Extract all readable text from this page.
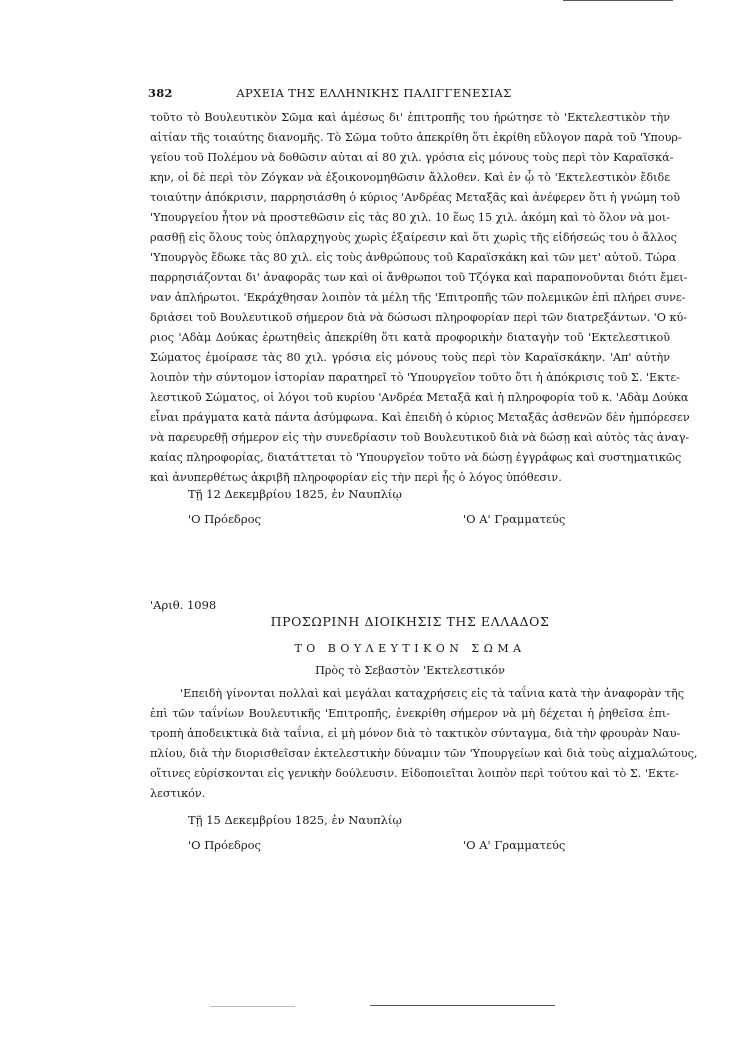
382	ΑΡΧΕΙΑ ΤΗΣ ΕΛΛΗΝΙΚΗΣ ΠΑΛΙΓΓΕΝΕΣΙΑΣ
τοῦτο τὸ Βουλευτικὸν Σῶμα καὶ ἀμέσως δι' ἐπιτροπῆς του ἠρώτησε τὸ 'Εκτελεστικὸν τὴν
αἰτίαν τῆς τοιαύτης διανομῆς. Τὸ Σῶμα τοῦτο ἀπεκρίθη ὅτι ἐκρίθη εὔλογον παρὰ τοῦ 'Υπουρ-
γείου τοῦ Πολέμου νὰ δοθῶσιν αὐται αἱ 80 χιλ. γρόσια εἰς μόνους τοὺς περὶ τὸν Καραϊσκά-
κην, οἱ δὲ περὶ τὸν Ζόγκαν νὰ ἐξοικονομηθῶσιν ἄλλοθεν. Καὶ ἐν ᾧ τὸ 'Εκτελεστικὸν ἔδιδε
τοιαύτην ἀπόκρισιν, παρρησιάσθη ὁ κύριος 'Ανδρέας Μεταξᾶς καὶ ἀνέφερεν ὅτι ἡ γνώμη τοῦ
'Υπουργείου ἦτον νὰ προστεθῶσιν εἰς τὰς 80 χιλ. 10 ἕως 15 χιλ. ἀκόμη καὶ τὸ ὅλον νὰ μοι-
ρασθῇ εἰς ὅλους τοὺς ὁπλαρχηγοὺς χωρὶς ἐξαίρεσιν καὶ ὅτι χωρὶς τῆς εἰδήσεώς του ὁ ἄλλος
'Υπουργὸς ἔδωκε τὰς 80 χιλ. εἰς τοὺς ἀνθρώπους τοῦ Καραϊσκάκη καὶ τῶν μετ' αὐτοῦ. Τώρα
παρρησιάζονται δι' ἀναφορᾶς των καὶ οἱ ἄνθρωποι τοῦ Τζόγκα καὶ παραπονοῦνται διότι ἔμει-
ναν ἀπλήρωτοι. 'Εκράχθησαν λοιπὸν τὰ μέλη τῆς 'Επιτροπῆς τῶν πολεμικῶν ἐπὶ πλήρει συνε-
δριάσει τοῦ Βουλευτικοῦ σήμερον διὰ νὰ δώσωσι πληροφορίαν περὶ τῶν διατρεξάντων. 'Ο κύ-
ριος 'Αδὰμ Δούκας ἐρωτηθεὶς ἀπεκρίθη ὅτι κατὰ προφορικὴν διαταγὴν τοῦ 'Εκτελεστικοῦ
Σώματος ἐμοίρασε τὰς 80 χιλ. γρόσια εἰς μόνους τοὺς περὶ τὸν Καραϊσκάκην. 'Απ' αὐτὴν
λοιπὸν τὴν σύντομον ἱστορίαν παρατηρεῖ τὸ 'Υπουργεῖον τοῦτο ὅτι ἡ ἀπόκρισις τοῦ Σ. 'Εκτε-
λεστικοῦ Σώματος, οἱ λόγοι τοῦ κυρίου 'Ανδρέα Μεταξᾶ καὶ ἡ πληροφορία τοῦ κ. 'Αδὰμ Δούκα
εἶναι πράγματα κατὰ πάντα ἀσύμφωνα. Καὶ ἐπειδὴ ὁ κύριος Μεταξᾶς ἀσθενῶν δὲν ἠμπόρεσεν
νὰ παρευρεθῇ σήμερον εἰς τὴν συνεδρίασιν τοῦ Βουλευτικοῦ διὰ νὰ δώσῃ καὶ αὐτὸς τὰς ἀναγ-
καίας πληροφορίας, διατάττεται τὸ 'Υπουργεῖον τοῦτο νὰ δώσῃ ἐγγράφως καὶ συστηματικῶς
καὶ ἀνυπερθέτως ἀκριβῆ πληροφορίαν εἰς τὴν περὶ ἧς ὁ λόγος ὑπόθεσιν.
Τῇ 12 Δεκεμβρίου 1825, ἐν Ναυπλίῳ
'Ο Πρόεδρος	'Ο Α' Γραμματεύς
'Αριθ. 1098
ΠΡΟΣΩΡΙΝΗ ΔΙΟΙΚΗΣΙΣ ΤΗΣ ΕΛΛΑΔΟΣ
ΤΟ ΒΟΥΛΕΥΤΙΚΟΝ ΣΩΜΑ
Πρὸς τὸ Σεβαστὸν 'Εκτελεστικόν
'Επειδὴ γίνονται πολλαὶ καὶ μεγάλαι καταχρήσεις εἰς τὰ ταΐνια κατὰ τὴν ἀναφορὰν τῆς
ἐπὶ τῶν ταΐνίων Βουλευτικῆς 'Επιτροπῆς, ἐνεκρίθη σήμερον νὰ μὴ δέχεται ἡ ῥηθεῖσα ἐπι-
τροπὴ ἀποδεικτικὰ διὰ ταΐνια, εἰ μὴ μόνον διὰ τὸ τακτικὸν σύνταγμα, διὰ τὴν φρουρὰν Ναυ-
πλίου, διὰ τὴν διορισθεῖσαν ἐκτελεστικὴν δύναμιν τῶν 'Υπουργείων καὶ διὰ τοὺς αἰχμαλώτους,
οἵτινες εὑρίσκονται εἰς γενικὴν δούλευσιν. Εἰδοποιεῖται λοιπὸν περὶ τούτου καὶ τὸ Σ. 'Εκτε-
λεστικόν.
Τῇ 15 Δεκεμβρίου 1825, ἐν Ναυπλίῳ
'Ο Πρόεδρος	'Ο Α' Γραμματεύς
